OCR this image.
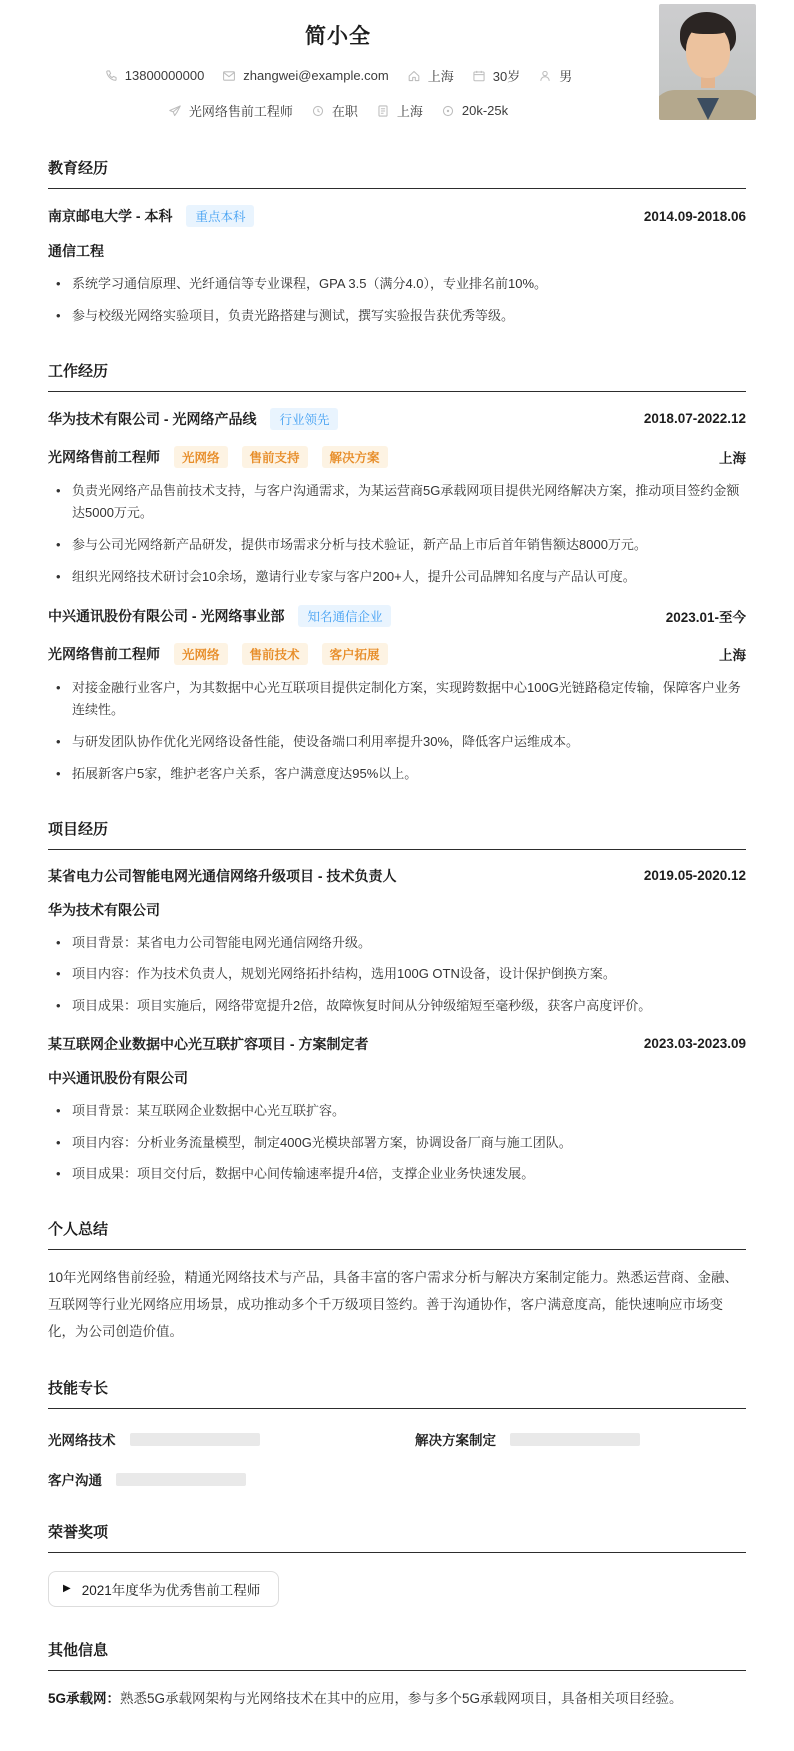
简小全
13800000000	zhangwei@example.com	上海	30岁	男
光网络售前工程师	在职	上海	20k-25k
教育经历
南京邮电大学 - 本科	重点本科	2014.09-2018.06
通信工程
• 系统学习通信原理、光纤通信等专业课程，GPA 3.5（满分4.0），专业排名前10%。
• 参与校级光网络实验项目，负责光路搭建与测试，撰写实验报告获优秀等级。
工作经历
华为技术有限公司 - 光网络产品线	行业领先	2018.07-2022.12
光网络售前工程师	光网络	售前支持	解决方案	上海
• 负责光网络产品售前技术支持，与客户沟通需求，为某运营商5G承载网项目提供光网络解决方案，推动项目签约金额达5000万元。
• 参与公司光网络新产品研发，提供市场需求分析与技术验证，新产品上市后首年销售额达8000万元。
• 组织光网络技术研讨会10余场，邀请行业专家与客户200+人，提升公司品牌知名度与产品认可度。
中兴通讯股份有限公司 - 光网络事业部	知名通信企业	2023.01-至今
光网络售前工程师	光网络	售前技术	客户拓展	上海
• 对接金融行业客户，为其数据中心光互联项目提供定制化方案，实现跨数据中心100G光链路稳定传输，保障客户业务连续性。
• 与研发团队协作优化光网络设备性能，使设备端口利用率提升30%，降低客户运维成本。
• 拓展新客户5家，维护老客户关系，客户满意度达95%以上。
项目经历
某省电力公司智能电网光通信网络升级项目 - 技术负责人	2019.05-2020.12
华为技术有限公司
• 项目背景：某省电力公司智能电网光通信网络升级。
• 项目内容：作为技术负责人，规划光网络拓扑结构，选用100G OTN设备，设计保护倒换方案。
• 项目成果：项目实施后，网络带宽提升2倍，故障恢复时间从分钟级缩短至毫秒级，获客户高度评价。
某互联网企业数据中心光互联扩容项目 - 方案制定者	2023.03-2023.09
中兴通讯股份有限公司
• 项目背景：某互联网企业数据中心光互联扩容。
• 项目内容：分析业务流量模型，制定400G光模块部署方案，协调设备厂商与施工团队。
• 项目成果：项目交付后，数据中心间传输速率提升4倍，支撑企业业务快速发展。
个人总结

10年光网络售前经验，精通光网络技术与产品，具备丰富的客户需求分析与解决方案制定能力。熟悉运营商、金融、互联网等行业光网络应用场景，成功推动多个千万级项目签约。善于沟通协作，客户满意度高，能快速响应市场变化，为公司创造价值。

技能专长
光网络技术	解决方案制定
客户沟通
荣誉奖项
▶ 2021年度华为优秀售前工程师
其他信息

5G承载网：熟悉5G承载网架构与光网络技术在其中的应用，参与多个5G承载网项目，具备相关项目经验。
